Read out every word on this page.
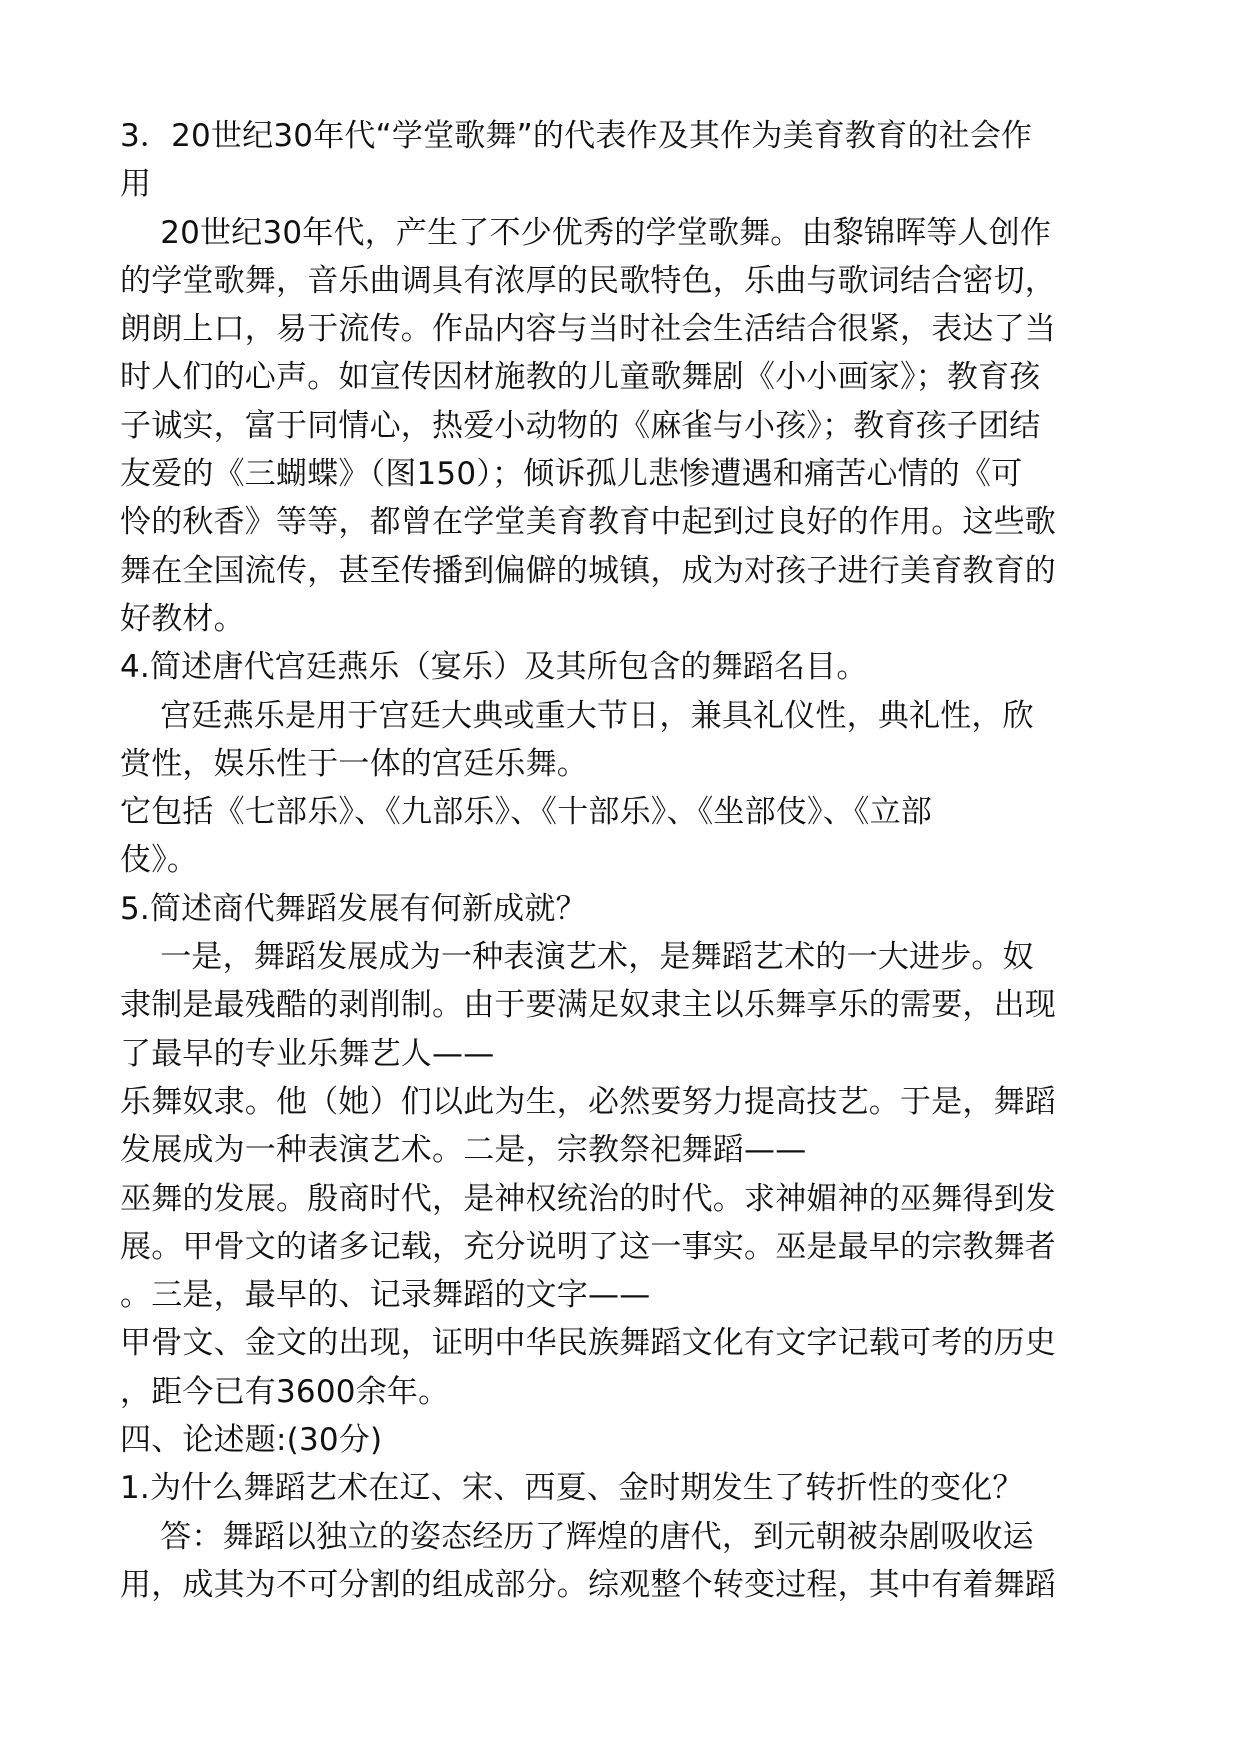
3．20世纪30年代“学堂歌舞”的代表作及其作为美育教育的社会作
用
20世纪30年代，产生了不少优秀的学堂歌舞。由黎锦晖等人创作
的学堂歌舞，音乐曲调具有浓厚的民歌特色，乐曲与歌词结合密切，
朗朗上口，易于流传。作品内容与当时社会生活结合很紧，表达了当
时人们的心声。如宣传因材施教的儿童歌舞剧《小小画家》；教育孩
子诚实，富于同情心，热爱小动物的《麻雀与小孩》；教育孩子团结
友爱的《三蝴蝶》（图150）；倾诉孤儿悲惨遭遇和痛苦心情的《可
怜的秋香》等等，都曾在学堂美育教育中起到过良好的作用。这些歌
舞在全国流传，甚至传播到偏僻的城镇，成为对孩子进行美育教育的
好教材。
4.简述唐代宫廷燕乐（宴乐）及其所包含的舞蹈名目。
宫廷燕乐是用于宫廷大典或重大节日，兼具礼仪性，典礼性，欣
赏性，娱乐性于一体的宫廷乐舞。
它包括《七部乐》、《九部乐》、《十部乐》、《坐部伎》、《立部
伎》。
5.简述商代舞蹈发展有何新成就？
一是，舞蹈发展成为一种表演艺术，是舞蹈艺术的一大进步。奴
隶制是最残酷的剥削制。由于要满足奴隶主以乐舞享乐的需要，出现
了最早的专业乐舞艺人——
乐舞奴隶。他（她）们以此为生，必然要努力提高技艺。于是，舞蹈
发展成为一种表演艺术。二是，宗教祭祀舞蹈——
巫舞的发展。殷商时代，是神权统治的时代。求神媚神的巫舞得到发
展。甲骨文的诸多记载，充分说明了这一事实。巫是最早的宗教舞者
。三是，最早的、记录舞蹈的文字——
甲骨文、金文的出现，证明中华民族舞蹈文化有文字记载可考的历史
，距今已有3600余年。
四、论述题:(30分)
1.为什么舞蹈艺术在辽、宋、西夏、金时期发生了转折性的变化？
答：舞蹈以独立的姿态经历了辉煌的唐代，到元朝被杂剧吸收运
用，成其为不可分割的组成部分。综观整个转变过程，其中有着舞蹈
